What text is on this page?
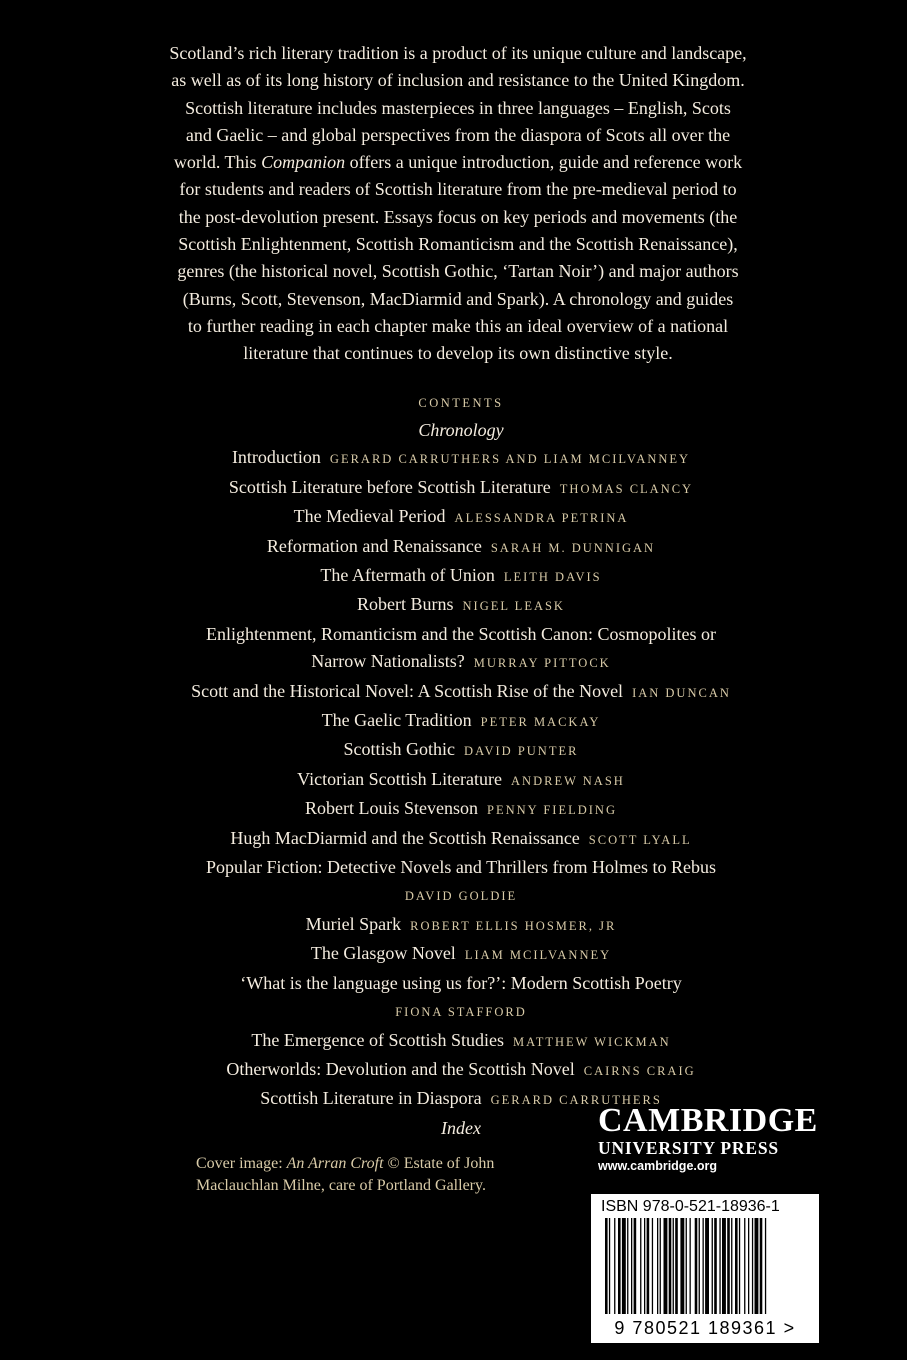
Scotland’s rich literary tradition is a product of its unique culture and landscape,
as well as of its long history of inclusion and resistance to the United Kingdom.
Scottish literature includes masterpieces in three languages – English, Scots
and Gaelic – and global perspectives from the diaspora of Scots all over the
world. This Companion offers a unique introduction, guide and reference work
for students and readers of Scottish literature from the pre-medieval period to
the post-devolution present. Essays focus on key periods and movements (the
Scottish Enlightenment, Scottish Romanticism and the Scottish Renaissance),
genres (the historical novel, Scottish Gothic, ‘Tartan Noir’) and major authors
(Burns, Scott, Stevenson, MacDiarmid and Spark). A chronology and guides
to further reading in each chapter make this an ideal overview of a national
literature that continues to develop its own distinctive style.

CONTENTS
Chronology
Introduction GERARD CARRUTHERS AND LIAM MCILVANNEY
Scottish Literature before Scottish Literature THOMAS CLANCY
The Medieval Period ALESSANDRA PETRINA
Reformation and Renaissance SARAH M. DUNNIGAN
The Aftermath of Union LEITH DAVIS
Robert Burns NIGEL LEASK
Enlightenment, Romanticism and the Scottish Canon: Cosmopolites or
Narrow Nationalists? MURRAY PITTOCK
Scott and the Historical Novel: A Scottish Rise of the Novel IAN DUNCAN
The Gaelic Tradition PETER MACKAY
Scottish Gothic DAVID PUNTER
Victorian Scottish Literature ANDREW NASH
Robert Louis Stevenson PENNY FIELDING
Hugh MacDiarmid and the Scottish Renaissance SCOTT LYALL
Popular Fiction: Detective Novels and Thrillers from Holmes to Rebus
DAVID GOLDIE
Muriel Spark ROBERT ELLIS HOSMER, JR
The Glasgow Novel LIAM MCILVANNEY
‘What is the language using us for?’: Modern Scottish Poetry
FIONA STAFFORD
The Emergence of Scottish Studies MATTHEW WICKMAN
Otherworlds: Devolution and the Scottish Novel CAIRNS CRAIG
Scottish Literature in Diaspora GERARD CARRUTHERS
Index
Cover image: An Arran Croft © Estate of John
Maclauchlan Milne, care of Portland Gallery.
CAMBRIDGE
UNIVERSITY PRESS
www.cambridge.org
ISBN 978-0-521-18936-1
9 780521 189361 >
